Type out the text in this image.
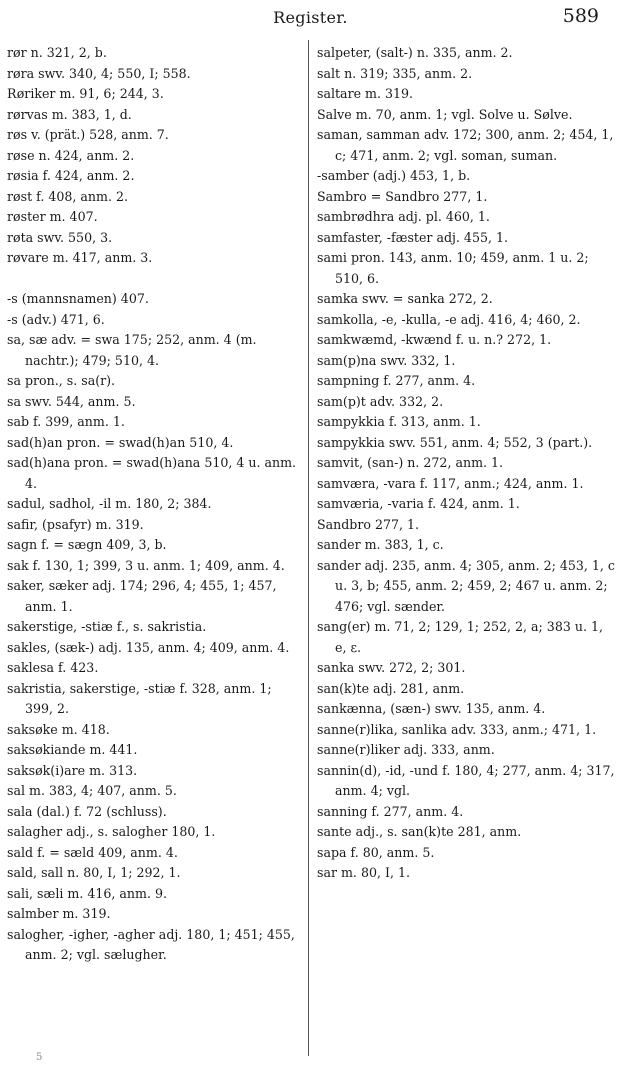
Register.	589
rør n. 321, 2, b.
røra swv. 340, 4; 550, I; 558.
Røriker m. 91, 6; 244, 3.
rørvas m. 383, 1, d.
røs v. (prät.) 528, anm. 7.
røse n. 424, anm. 2.
røsia f. 424, anm. 2.
røst f. 408, anm. 2.
røster m. 407.
røta swv. 550, 3.
røvare m. 417, anm. 3.
-s (mannsnamen) 407.
-s (adv.) 471, 6.
sa, sæ adv. = swa 175; 252, anm. 4 (m. nachtr.); 479; 510, 4.
sa pron., s. sa(r).
sa swv. 544, anm. 5.
sab f. 399, anm. 1.
sad(h)an pron. = swad(h)an 510, 4.
sad(h)ana pron. = swad(h)ana 510, 4 u. anm. 4.
sadul, sadhol, -il m. 180, 2; 384.
safir, (psafyr) m. 319.
sagn f. = sægn 409, 3, b.
sak f. 130, 1; 399, 3 u. anm. 1; 409, anm. 4.
saker, sæker adj. 174; 296, 4; 455, 1; 457, anm. 1.
sakerstige, -stiæ f., s. sakristia.
sakles, (sæk-) adj. 135, anm. 4; 409, anm. 4.
saklesa f. 423.
sakristia, sakerstige, -stiæ f. 328, anm. 1; 399, 2.
saksøke m. 418.
saksøkiande m. 441.
saksøk(i)are m. 313.
sal m. 383, 4; 407, anm. 5.
sala (dal.) f. 72 (schluss).
salagher adj., s. salogher 180, 1.
sald f. = sæld 409, anm. 4.
sald, sall n. 80, I, 1; 292, 1.
sali, sæli m. 416, anm. 9.
salmber m. 319.
salogher, -igher, -agher adj. 180, 1; 451; 455, anm. 2; vgl. sælugher.
salpeter, (salt-) n. 335, anm. 2.
salt n. 319; 335, anm. 2.
saltare m. 319.
Salve m. 70, anm. 1; vgl. Solve u. Sølve.
saman, samman adv. 172; 300, anm. 2; 454, 1, c; 471, anm. 2; vgl. soman, suman.
-samber (adj.) 453, 1, b.
Sambro = Sandbro 277, 1.
sambrødhra adj. pl. 460, 1.
samfaster, -fæster adj. 455, 1.
sami pron. 143, anm. 10; 459, anm. 1 u. 2; 510, 6.
samka swv. = sanka 272, 2.
samkolla, -e, -kulla, -e adj. 416, 4; 460, 2.
samkwæmd, -kwænd f. u. n.? 272, 1.
sam(p)na swv. 332, 1.
sampning f. 277, anm. 4.
sam(p)t adv. 332, 2.
sampykkia f. 313, anm. 1.
sampykkia swv. 551, anm. 4; 552, 3 (part.).
samvit, (san-) n. 272, anm. 1.
samværa, -vara f. 117, anm.; 424, anm. 1.
samværia, -varia f. 424, anm. 1.
Sandbro 277, 1.
sander m. 383, 1, c.
sander adj. 235, anm. 4; 305, anm. 2; 453, 1, c u. 3, b; 455, anm. 2; 459, 2; 467 u. anm. 2; 476; vgl. sænder.
sang(er) m. 71, 2; 129, 1; 252, 2, a; 383 u. 1, e, ε.
sanka swv. 272, 2; 301.
san(k)te adj. 281, anm.
sankænna, (sæn-) swv. 135, anm. 4.
sanne(r)lika, sanlika adv. 333, anm.; 471, 1.
sanne(r)liker adj. 333, anm.
sannin(d), -id, -und f. 180, 4; 277, anm. 4; 317, anm. 4; vgl.
sanning f. 277, anm. 4.
sante adj., s. san(k)te 281, anm.
sapa f. 80, anm. 5.
sar m. 80, I, 1.
5
